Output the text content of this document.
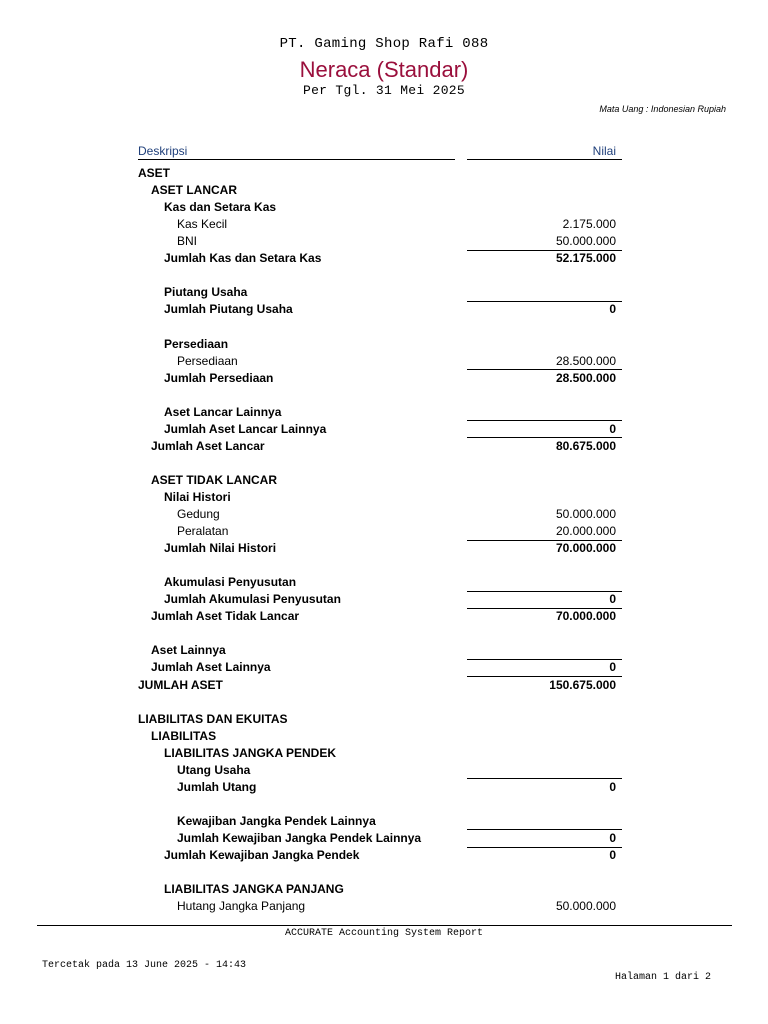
PT. Gaming Shop Rafi 088
Neraca (Standar)
Per Tgl. 31 Mei 2025
Mata Uang : Indonesian Rupiah
Deskripsi	Nilai
ASET
ASET LANCAR
Kas dan Setara Kas
Kas Kecil	2.175.000
BNI	50.000.000
Jumlah Kas dan Setara Kas	52.175.000
Piutang Usaha
Jumlah Piutang Usaha	0
Persediaan
Persediaan	28.500.000
Jumlah Persediaan	28.500.000
Aset Lancar Lainnya
Jumlah Aset Lancar Lainnya	0
Jumlah Aset Lancar	80.675.000
ASET TIDAK LANCAR
Nilai Histori
Gedung	50.000.000
Peralatan	20.000.000
Jumlah Nilai Histori	70.000.000
Akumulasi Penyusutan
Jumlah Akumulasi Penyusutan	0
Jumlah Aset Tidak Lancar	70.000.000
Aset Lainnya
Jumlah Aset Lainnya	0
JUMLAH ASET	150.675.000
LIABILITAS DAN EKUITAS
LIABILITAS
LIABILITAS JANGKA PENDEK
Utang Usaha
Jumlah Utang	0
Kewajiban Jangka Pendek Lainnya
Jumlah Kewajiban Jangka Pendek Lainnya	0
Jumlah Kewajiban Jangka Pendek	0
LIABILITAS JANGKA PANJANG
Hutang Jangka Panjang	50.000.000
ACCURATE Accounting System Report
Tercetak pada 13 June 2025 - 14:43
Halaman 1 dari 2
